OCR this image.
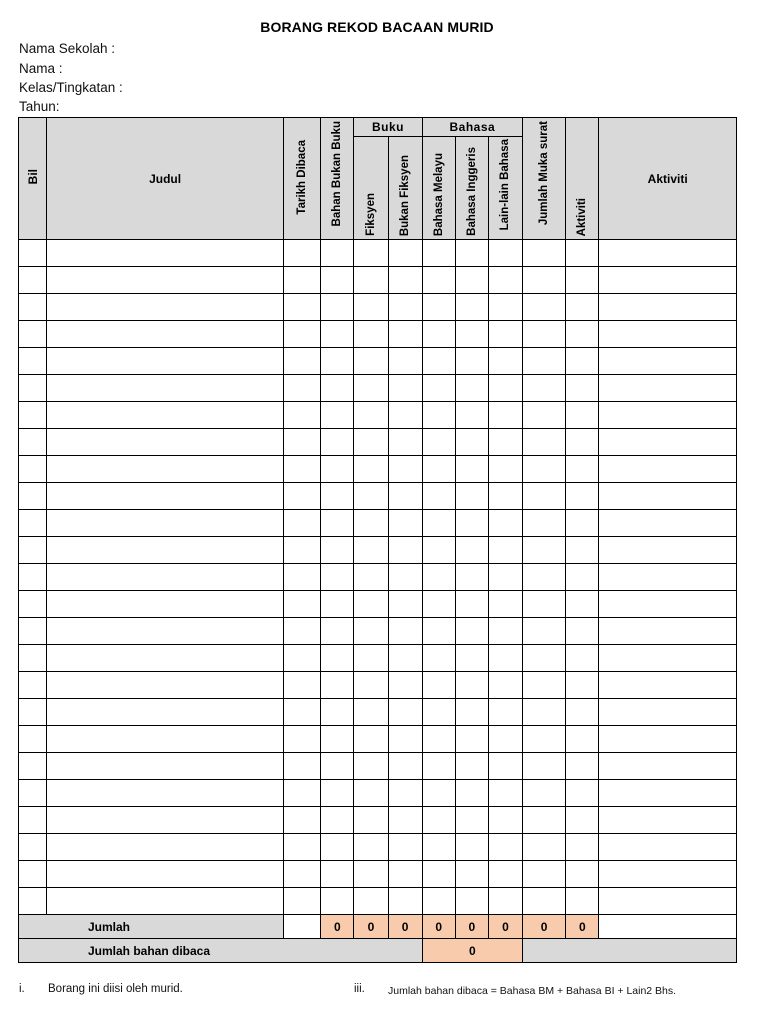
BORANG REKOD BACAAN MURID
Nama Sekolah :
Nama :
Kelas/Tingkatan :
Tahun:
Bil	Judul	Tarikh Dibaca	Bahan Bukan Buku	Buku		Bahasa			Jumlah Muka surat	Aktiviti	Aktiviti
				Fiksyen	Bukan Fiksyen	Bahasa Melayu	Bahasa Inggeris	Lain-lain Bahasa			

Jumlah			0	0	0	0	0	0	0	0	
Jumlah bahan dibaca						0					
i. Borang ini diisi oleh murid.	iii. Jumlah bahan dibaca = Bahasa BM + Bahasa BI + Lain2 Bhs.
